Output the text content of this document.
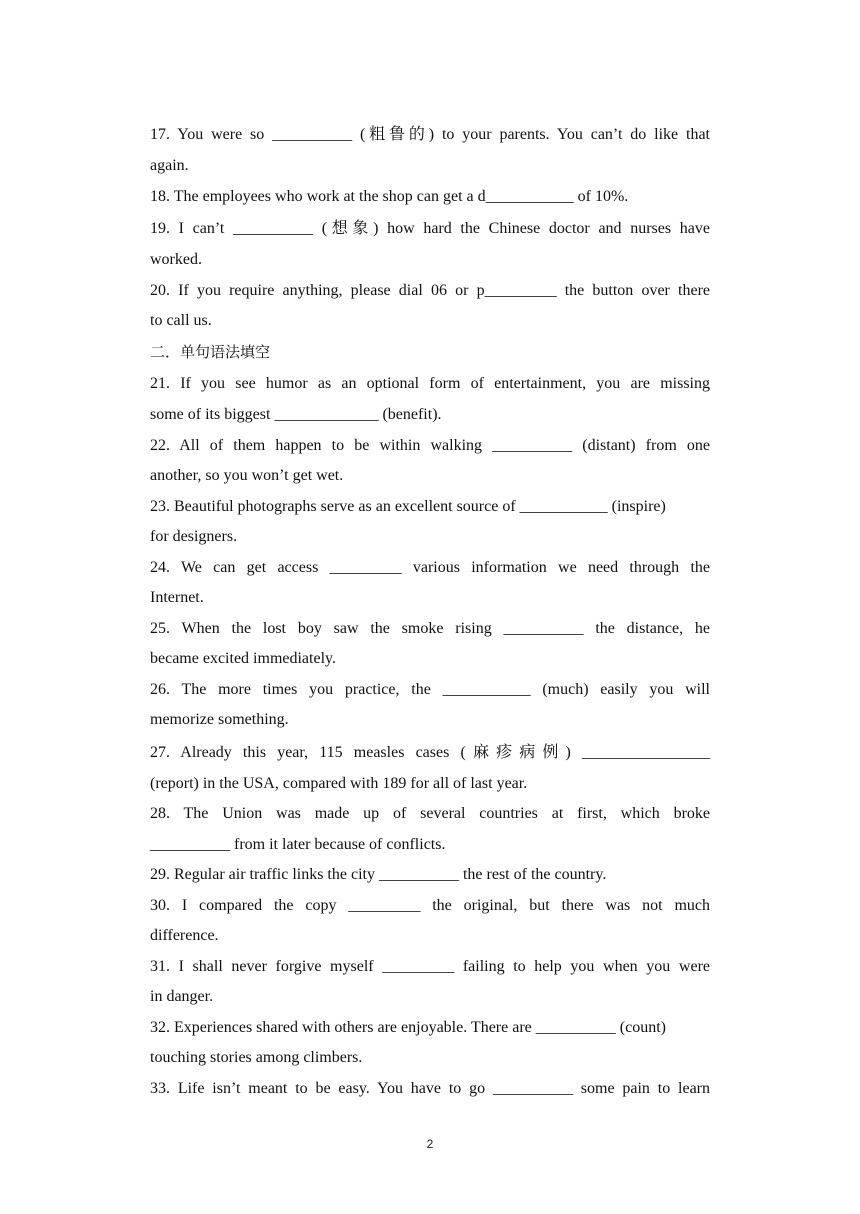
17. You were so __________ (粗鲁的) to your parents. You can’t do like that
again.
18. The employees who work at the shop can get a d___________ of 10%.
19. I can’t __________ (想象) how hard the Chinese doctor and nurses have
worked.
20. If you require anything, please dial 06 or p_________ the button over there
to call us.
二．单句语法填空
21. If you see humor as an optional form of entertainment, you are missing
some of its biggest _____________ (benefit).
22. All of them happen to be within walking __________ (distant) from one
another, so you won’t get wet.
23. Beautiful photographs serve as an excellent source of ___________ (inspire)
for designers.
24. We can get access _________ various information we need through the
Internet.
25. When the lost boy saw the smoke rising __________ the distance, he
became excited immediately.
26. The more times you practice, the ___________ (much) easily you will
memorize something.
27. Already this year, 115 measles cases (麻疹病例) ________________
(report) in the USA, compared with 189 for all of last year.
28. The Union was made up of several countries at first, which broke
__________ from it later because of conflicts.
29. Regular air traffic links the city __________ the rest of the country.
30. I compared the copy _________ the original, but there was not much
difference.
31. I shall never forgive myself _________ failing to help you when you were
in danger.
32. Experiences shared with others are enjoyable. There are __________ (count)
touching stories among climbers.
33. Life isn’t meant to be easy. You have to go __________ some pain to learn
2
